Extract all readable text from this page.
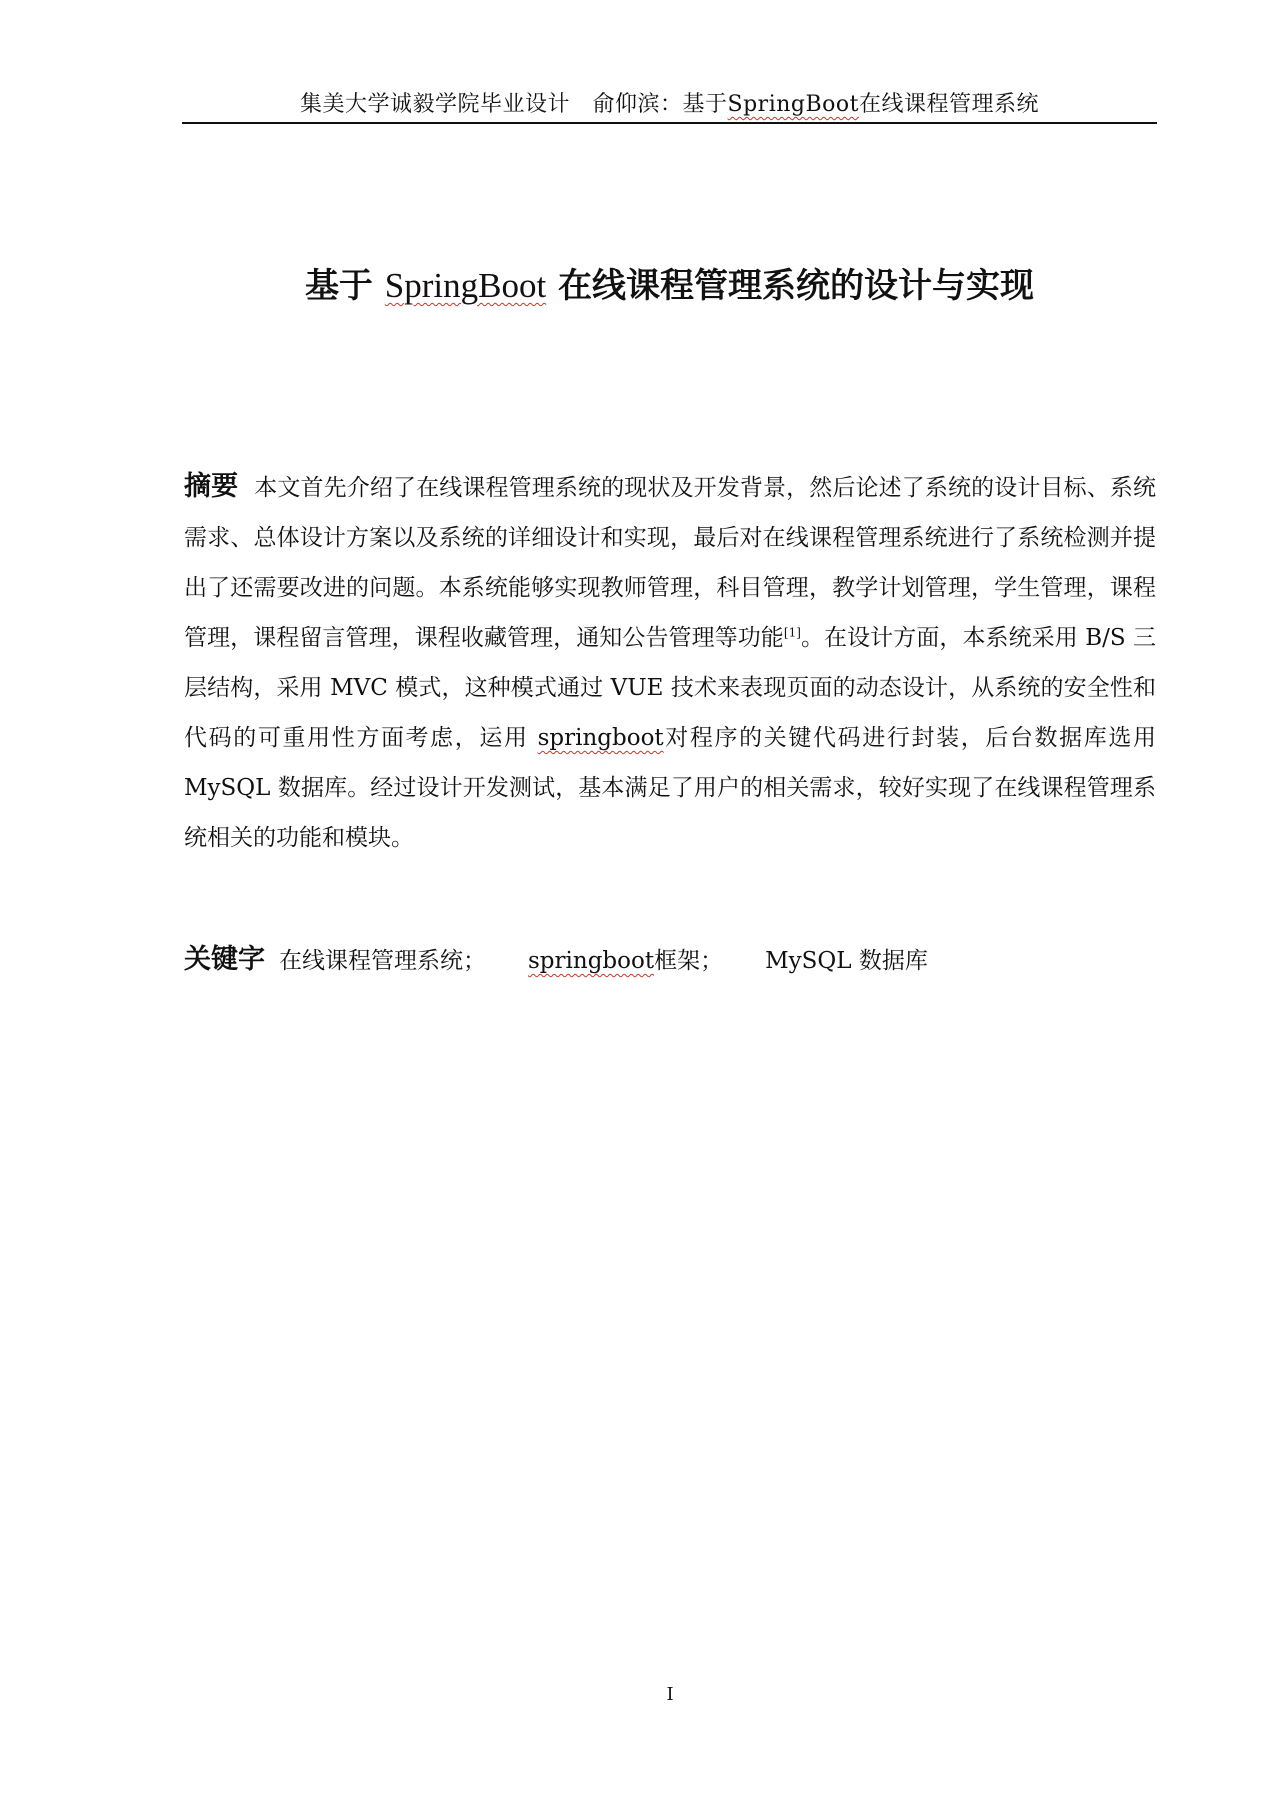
集美大学诚毅学院毕业设计　 俞仰滨：基于SpringBoot在线课程管理系统
基于 SpringBoot 在线课程管理系统的设计与实现
摘要 本文首先介绍了在线课程管理系统的现状及开发背景，然后论述了系统的设计目标、系统需求、总体设计方案以及系统的详细设计和实现，最后对在线课程管理系统进行了系统检测并提出了还需要改进的问题。本系统能够实现教师管理，科目管理，教学计划管理，学生管理，课程管理，课程留言管理，课程收藏管理，通知公告管理等功能[1]。在设计方面，本系统采用 B/S 三层结构，采用 MVC 模式，这种模式通过 VUE 技术来表现页面的动态设计，从系统的安全性和代码的可重用性方面考虑，运用 springboot对程序的关键代码进行封装，后台数据库选用 MySQL 数据库。经过设计开发测试，基本满足了用户的相关需求，较好实现了在线课程管理系统相关的功能和模块。
关键字 在线课程管理系统； springboot框架； MySQL 数据库
I
